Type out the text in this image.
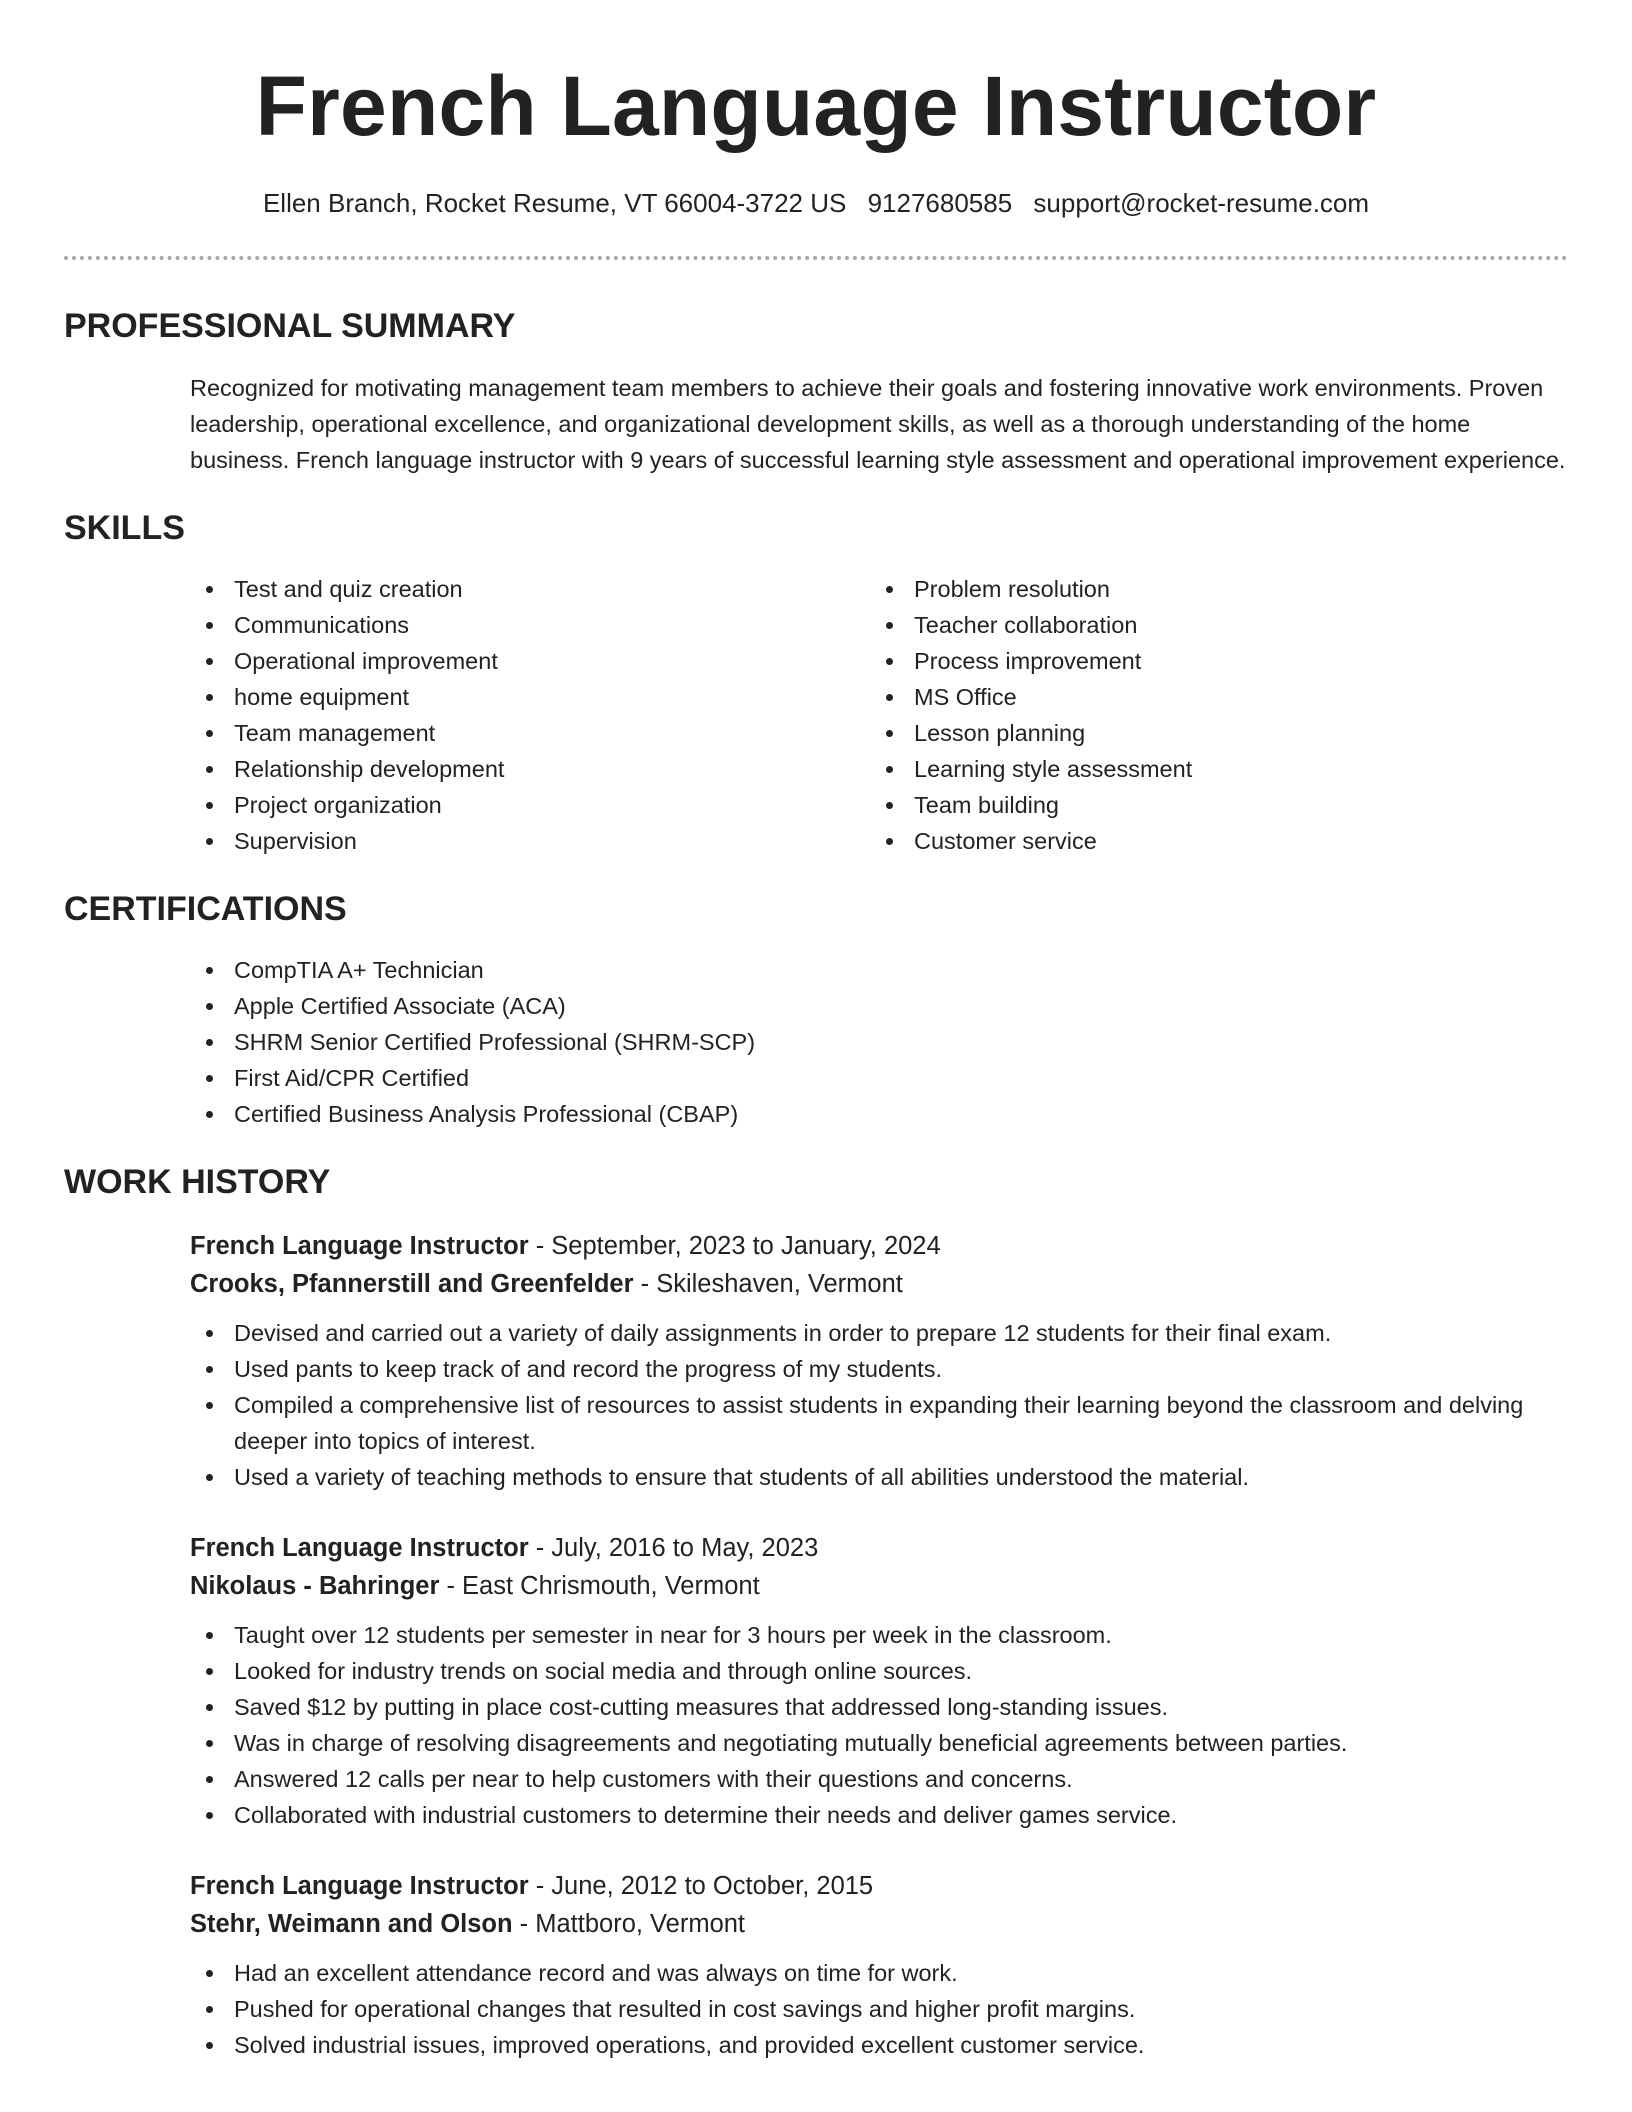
French Language Instructor
Ellen Branch, Rocket Resume, VT 66004-3722 US 9127680585 support@rocket-resume.com
PROFESSIONAL SUMMARY

Recognized for motivating management team members to achieve their goals and fostering innovative work environments. Proven leadership, operational excellence, and organizational development skills, as well as a thorough understanding of the home business. French language instructor with 9 years of successful learning style assessment and operational improvement experience.

SKILLS
Test and quiz creation
Communications
Operational improvement
home equipment
Team management
Relationship development
Project organization
Supervision
Problem resolution
Teacher collaboration
Process improvement
MS Office
Lesson planning
Learning style assessment
Team building
Customer service
CERTIFICATIONS
CompTIA A+ Technician
Apple Certified Associate (ACA)
SHRM Senior Certified Professional (SHRM-SCP)
First Aid/CPR Certified
Certified Business Analysis Professional (CBAP)
WORK HISTORY
French Language Instructor - September, 2023 to January, 2024
Crooks, Pfannerstill and Greenfelder - Skileshaven, Vermont
Devised and carried out a variety of daily assignments in order to prepare 12 students for their final exam.
Used pants to keep track of and record the progress of my students.
Compiled a comprehensive list of resources to assist students in expanding their learning beyond the classroom and delving deeper into topics of interest.
Used a variety of teaching methods to ensure that students of all abilities understood the material.
French Language Instructor - July, 2016 to May, 2023
Nikolaus - Bahringer - East Chrismouth, Vermont
Taught over 12 students per semester in near for 3 hours per week in the classroom.
Looked for industry trends on social media and through online sources.
Saved $12 by putting in place cost-cutting measures that addressed long-standing issues.
Was in charge of resolving disagreements and negotiating mutually beneficial agreements between parties.
Answered 12 calls per near to help customers with their questions and concerns.
Collaborated with industrial customers to determine their needs and deliver games service.
French Language Instructor - June, 2012 to October, 2015
Stehr, Weimann and Olson - Mattboro, Vermont
Had an excellent attendance record and was always on time for work.
Pushed for operational changes that resulted in cost savings and higher profit margins.
Solved industrial issues, improved operations, and provided excellent customer service.
